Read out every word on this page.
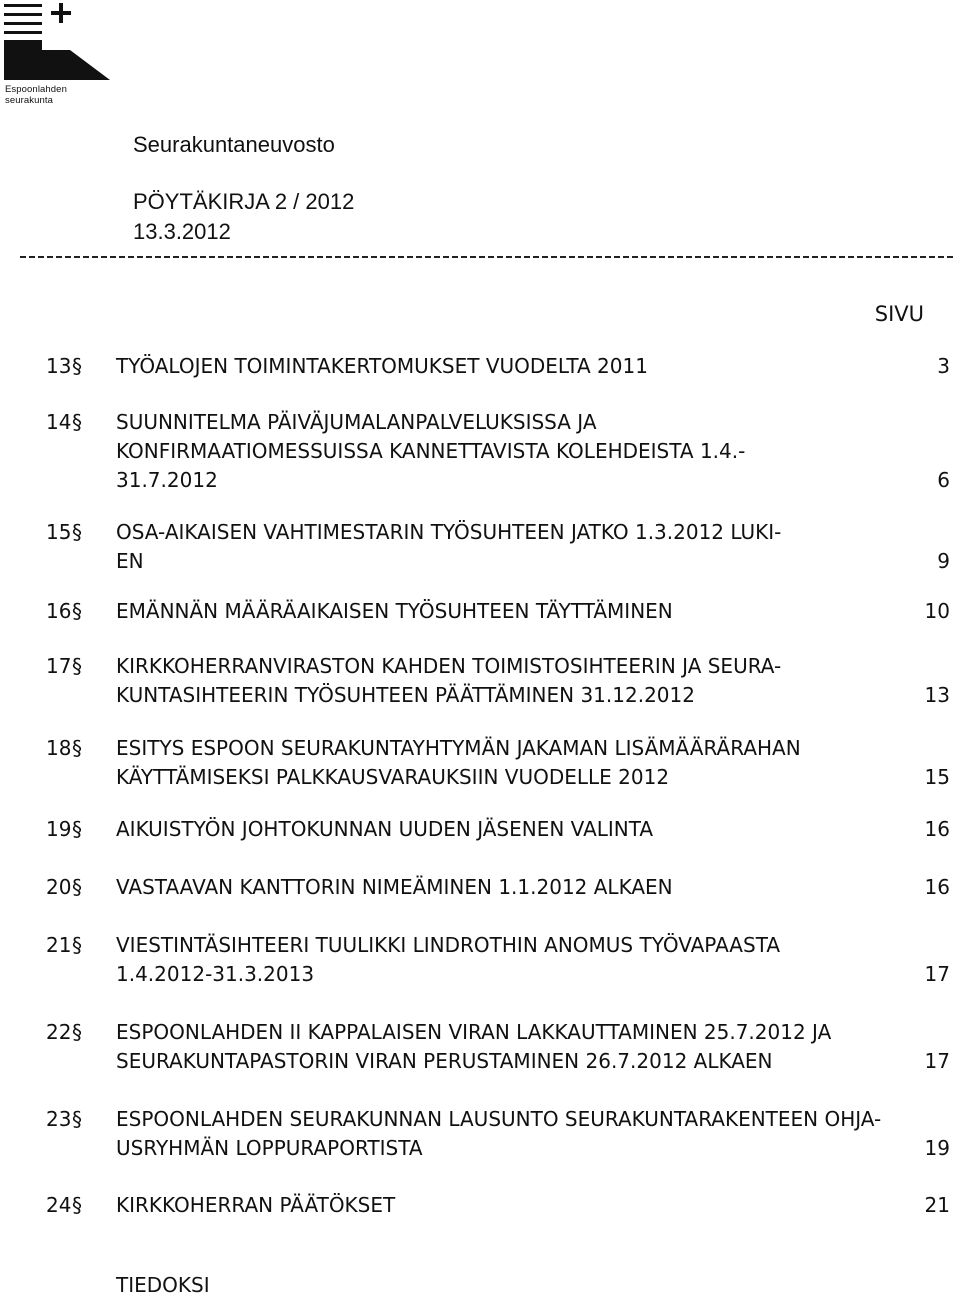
Espoonlahden seurakunta
Seurakuntaneuvosto
PÖYTÄKIRJA 2 / 2012
13.3.2012
SIVU
13 § TYÖALOJEN TOIMINTAKERTOMUKSET VUODELTA 2011	3
14 § SUUNNITELMA PÄIVÄJUMALANPALVELUKSISSA JA
KONFIRMAATIOMESSUISSA KANNETTAVISTA KOLEHDEISTA 1.4.-
31.7.2012	6
15 § OSA-AIKAISEN VAHTIMESTARIN TYÖSUHTEEN JATKO 1.3.2012 LUKI-
EN	9
16 § EMÄNNÄN MÄÄRÄAIKAISEN TYÖSUHTEEN TÄYTTÄMINEN	10
17 § KIRKKOHERRANVIRASTON KAHDEN TOIMISTOSIHTEERIN JA SEURA-
KUNTASIHTEERIN TYÖSUHTEEN PÄÄTTÄMINEN 31.12.2012	13
18 § ESITYS ESPOON SEURAKUNTAYHTYMÄN JAKAMAN LISÄMÄÄRÄRAHAN
KÄYTTÄMISEKSI PALKKAUSVARAUKSIIN VUODELLE 2012	15
19 § AIKUISTYÖN JOHTOKUNNAN UUDEN JÄSENEN VALINTA	16
20 § VASTAAVAN KANTTORIN NIMEÄMINEN 1.1.2012 ALKAEN	16
21 § VIESTINTÄSIHTEERI TUULIKKI LINDROTHIN ANOMUS TYÖVAPAASTA
1.4.2012-31.3.2013	17
22 § ESPOONLAHDEN II KAPPALAISEN VIRAN LAKKAUTTAMINEN 25.7.2012 JA
SEURAKUNTAPASTORIN VIRAN PERUSTAMINEN 26.7.2012 ALKAEN	17
23 § ESPOONLAHDEN SEURAKUNNAN LAUSUNTO SEURAKUNTARAKENTEEN OHJA-
USRYHMÄN LOPPURAPORTISTA	19
24 § KIRKKOHERRAN PÄÄTÖKSET	21
TIEDOKSI
